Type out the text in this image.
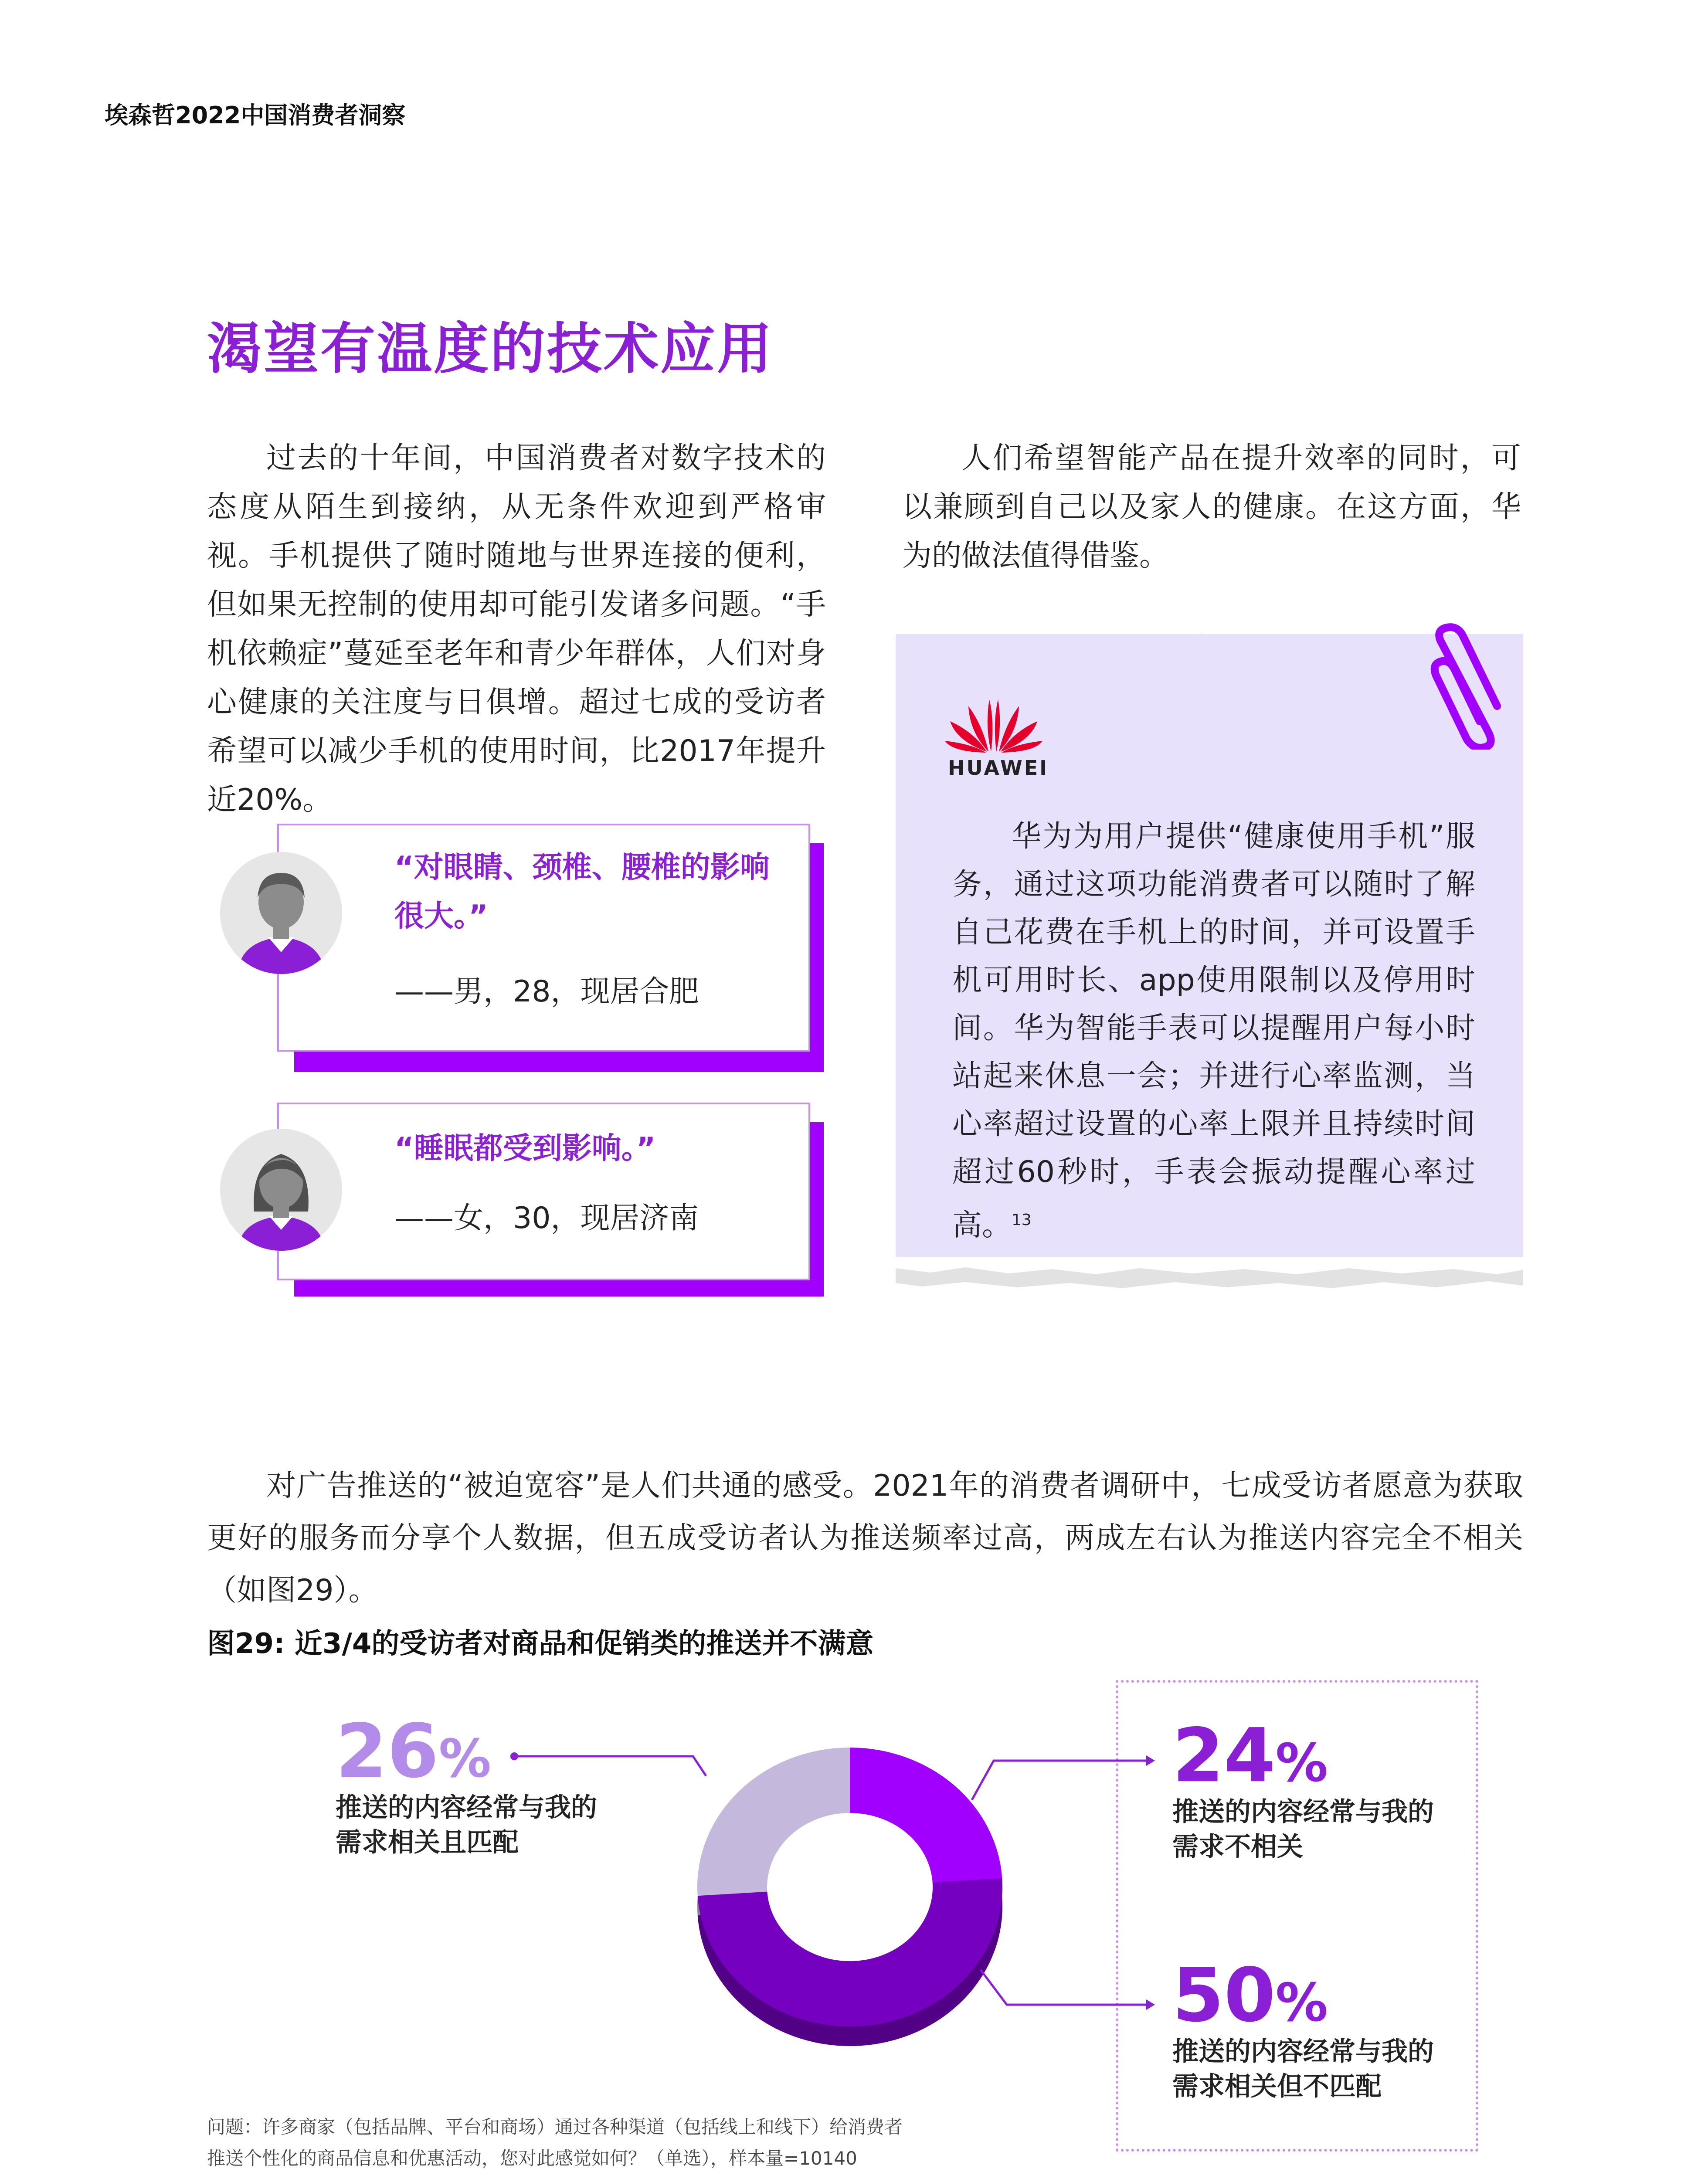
埃森哲2022中国消费者洞察
渴望有温度的技术应用

过去的十年间，中国消费者对数字技术的态度从陌生到接纳，从无条件欢迎到严格审视。手机提供了随时随地与世界连接的便利，但如果无控制的使用却可能引发诸多问题。“手机依赖症”蔓延至老年和青少年群体，人们对身心健康的关注度与日俱增。超过七成的受访者希望可以减少手机的使用时间，比2017年提升近20%。

人们希望智能产品在提升效率的同时，可以兼顾到自己以及家人的健康。在这方面，华为的做法值得借鉴。

“对眼睛、颈椎、腰椎的影响很大。”
——男，28，现居合肥
“睡眠都受到影响。”
——女，30，现居济南
HUAWEI

华为为用户提供“健康使用手机”服务，通过这项功能消费者可以随时了解自己花费在手机上的时间，并可设置手机可用时长、app使用限制以及停用时间。华为智能手表可以提醒用户每小时站起来休息一会；并进行心率监测，当心率超过设置的心率上限并且持续时间超过60秒时，手表会振动提醒心率过高。$^{13}$

对广告推送的“被迫宽容”是人们共通的感受。2021年的消费者调研中，七成受访者愿意为获取更好的服务而分享个人数据，但五成受访者认为推送频率过高，两成左右认为推送内容完全不相关（如图29）。

图29: 近3/4的受访者对商品和促销类的推送并不满意
26%
推送的内容经常与我的
需求相关且匹配
24%
推送的内容经常与我的
需求不相关
50%
推送的内容经常与我的
需求相关但不匹配
问题：许多商家（包括品牌、平台和商场）通过各种渠道（包括线上和线下）给消费者
推送个性化的商品信息和优惠活动，您对此感觉如何？（单选），样本量=10140
